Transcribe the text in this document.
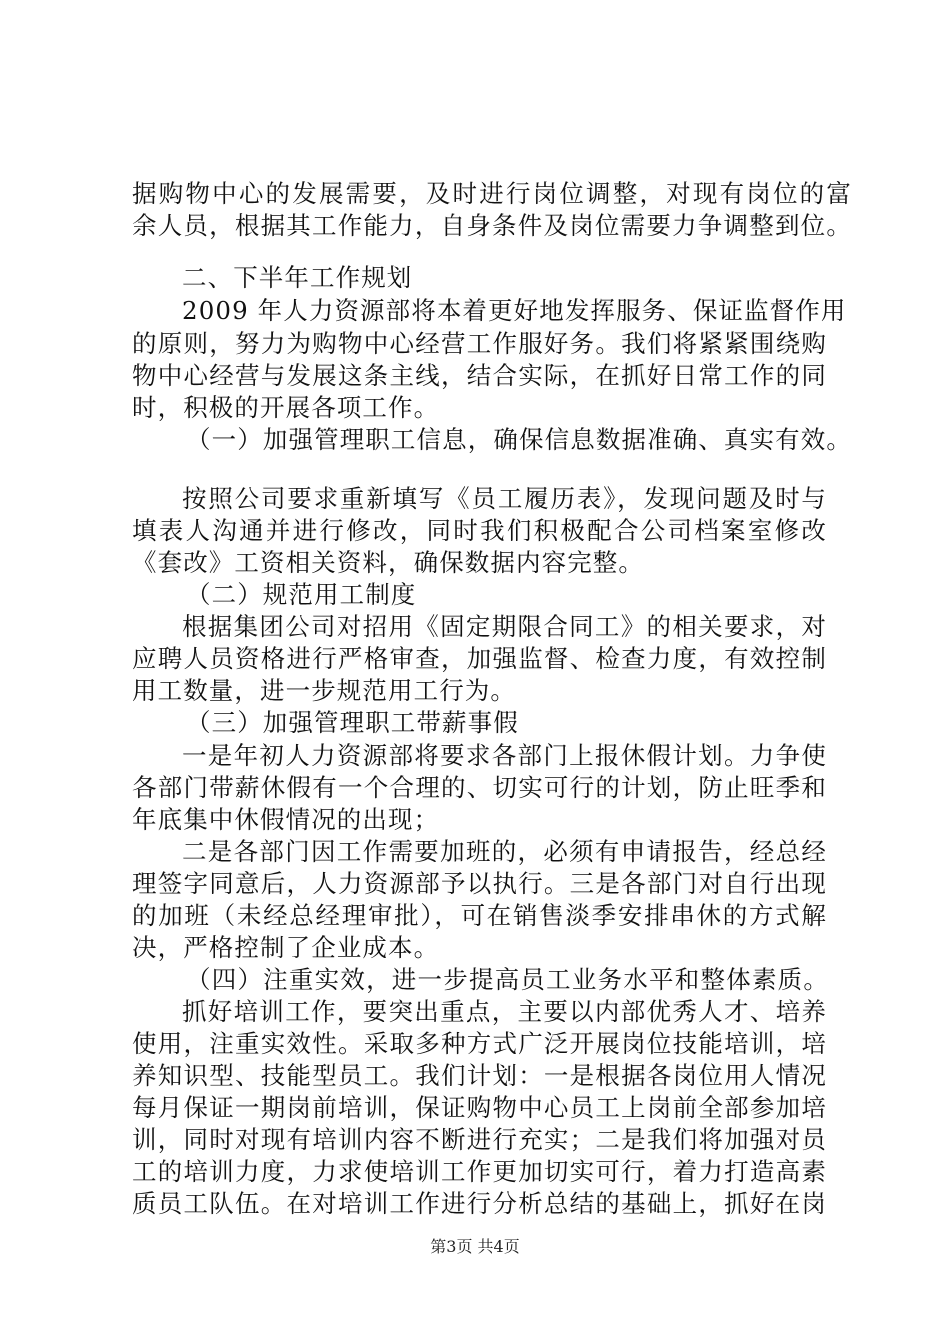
据购物中心的发展需要，及时进行岗位调整，对现有岗位的富
余人员，根据其工作能力，自身条件及岗位需要力争调整到位。
二、下半年工作规划
2009 年人力资源部将本着更好地发挥服务、保证监督作用
的原则，努力为购物中心经营工作服好务。我们将紧紧围绕购
物中心经营与发展这条主线，结合实际，在抓好日常工作的同
时，积极的开展各项工作。
（一）加强管理职工信息，确保信息数据准确、真实有效。
按照公司要求重新填写《员工履历表》，发现问题及时与
填表人沟通并进行修改，同时我们积极配合公司档案室修改
《套改》工资相关资料，确保数据内容完整。
（二）规范用工制度
根据集团公司对招用《固定期限合同工》的相关要求，对
应聘人员资格进行严格审查，加强监督、检查力度，有效控制
用工数量，进一步规范用工行为。
（三）加强管理职工带薪事假
一是年初人力资源部将要求各部门上报休假计划。力争使
各部门带薪休假有一个合理的、切实可行的计划，防止旺季和
年底集中休假情况的出现；
二是各部门因工作需要加班的，必须有申请报告，经总经
理签字同意后，人力资源部予以执行。三是各部门对自行出现
的加班（未经总经理审批），可在销售淡季安排串休的方式解
决，严格控制了企业成本。
（四）注重实效，进一步提高员工业务水平和整体素质。
抓好培训工作，要突出重点，主要以内部优秀人才、培养
使用，注重实效性。采取多种方式广泛开展岗位技能培训，培
养知识型、技能型员工。我们计划：一是根据各岗位用人情况
每月保证一期岗前培训，保证购物中心员工上岗前全部参加培
训，同时对现有培训内容不断进行充实；二是我们将加强对员
工的培训力度，力求使培训工作更加切实可行，着力打造高素
质员工队伍。在对培训工作进行分析总结的基础上，抓好在岗
第3页 共4页
